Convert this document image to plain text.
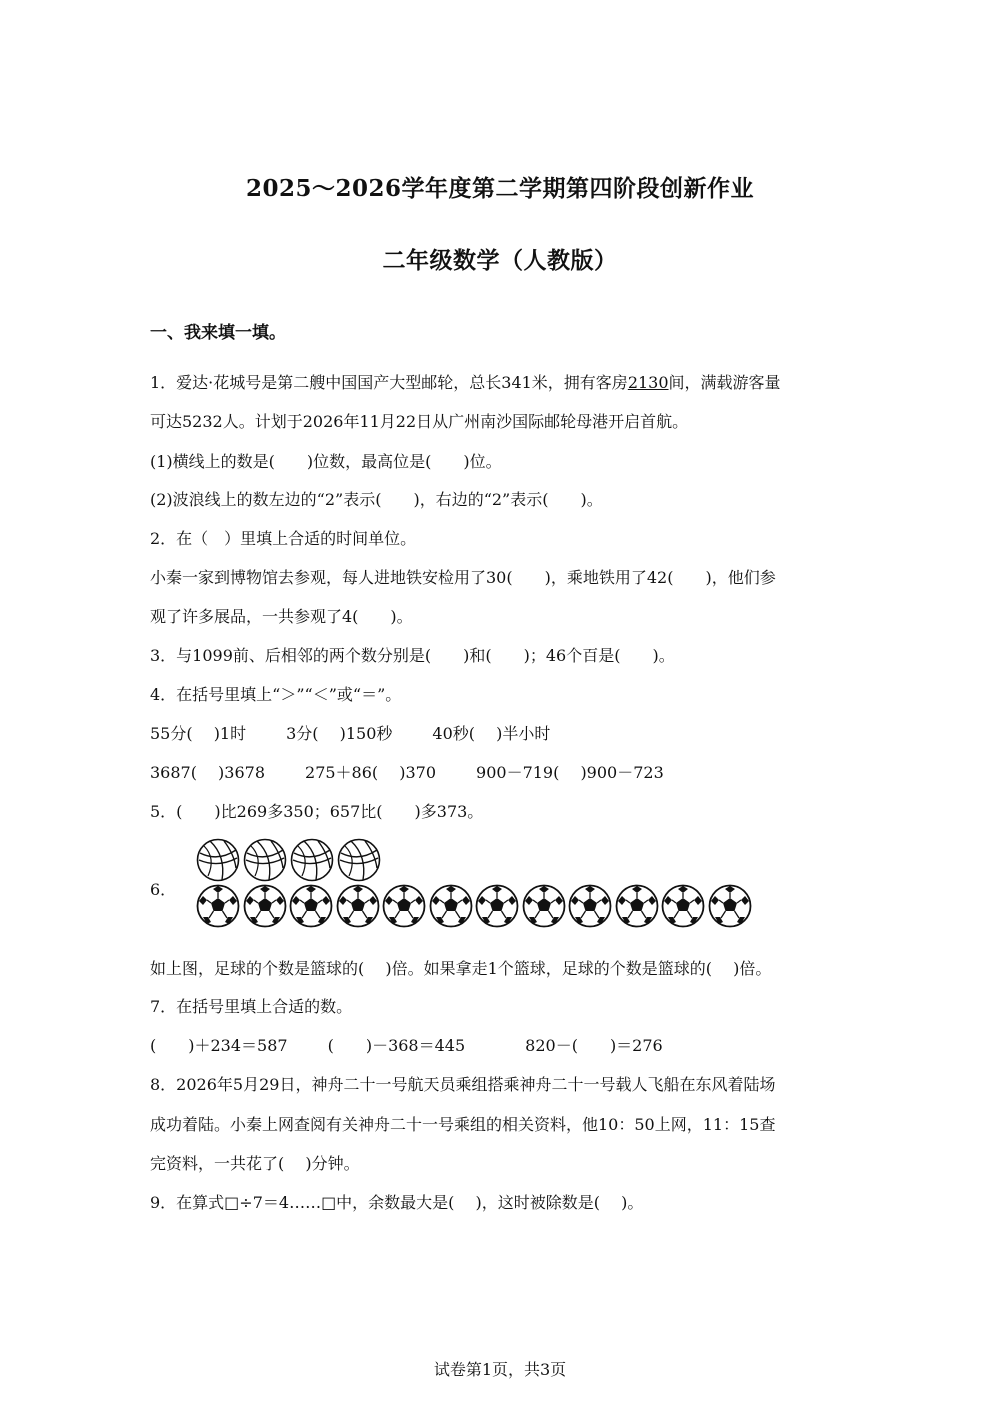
2025～2026学年度第二学期第四阶段创新作业
二年级数学（人教版）
一、我来填一填。
1．爱达·花城号是第二艘中国国产大型邮轮，总长341米，拥有客房2130间，满载游客量
可达5232人。计划于2026年11月22日从广州南沙国际邮轮母港开启首航。
(1)横线上的数是(　　)位数，最高位是(　　)位。
(2)波浪线上的数左边的“2”表示(　　)，右边的“2”表示(　　)。
2．在（　）里填上合适的时间单位。
小秦一家到博物馆去参观，每人进地铁安检用了30(　　)，乘地铁用了42(　　)，他们参
观了许多展品，一共参观了4(　　)。
3．与1099前、后相邻的两个数分别是(　　)和(　　)；46个百是(　　)。
4．在括号里填上“＞”“＜”或“＝”。
55分(　 )1时	3分(　 )150秒	40秒(　 )半小时
3687(　 )3678	275＋86(　 )370	900－719(　 )900－723
5．(　　)比269多350；657比(　　)多373。
6．
如上图，足球的个数是篮球的(　 )倍。如果拿走1个篮球，足球的个数是篮球的(　 )倍。
7．在括号里填上合适的数。
(　　)＋234＝587	(　　)－368＝445	820－(　　)＝276
8．2026年5月29日，神舟二十一号航天员乘组搭乘神舟二十一号载人飞船在东风着陆场
成功着陆。小秦上网查阅有关神舟二十一号乘组的相关资料，他10：50上网，11：15查
完资料，一共花了(　 )分钟。
9．在算式□÷7＝4……□中，余数最大是(　 )，这时被除数是(　 )。
试卷第1页，共3页
